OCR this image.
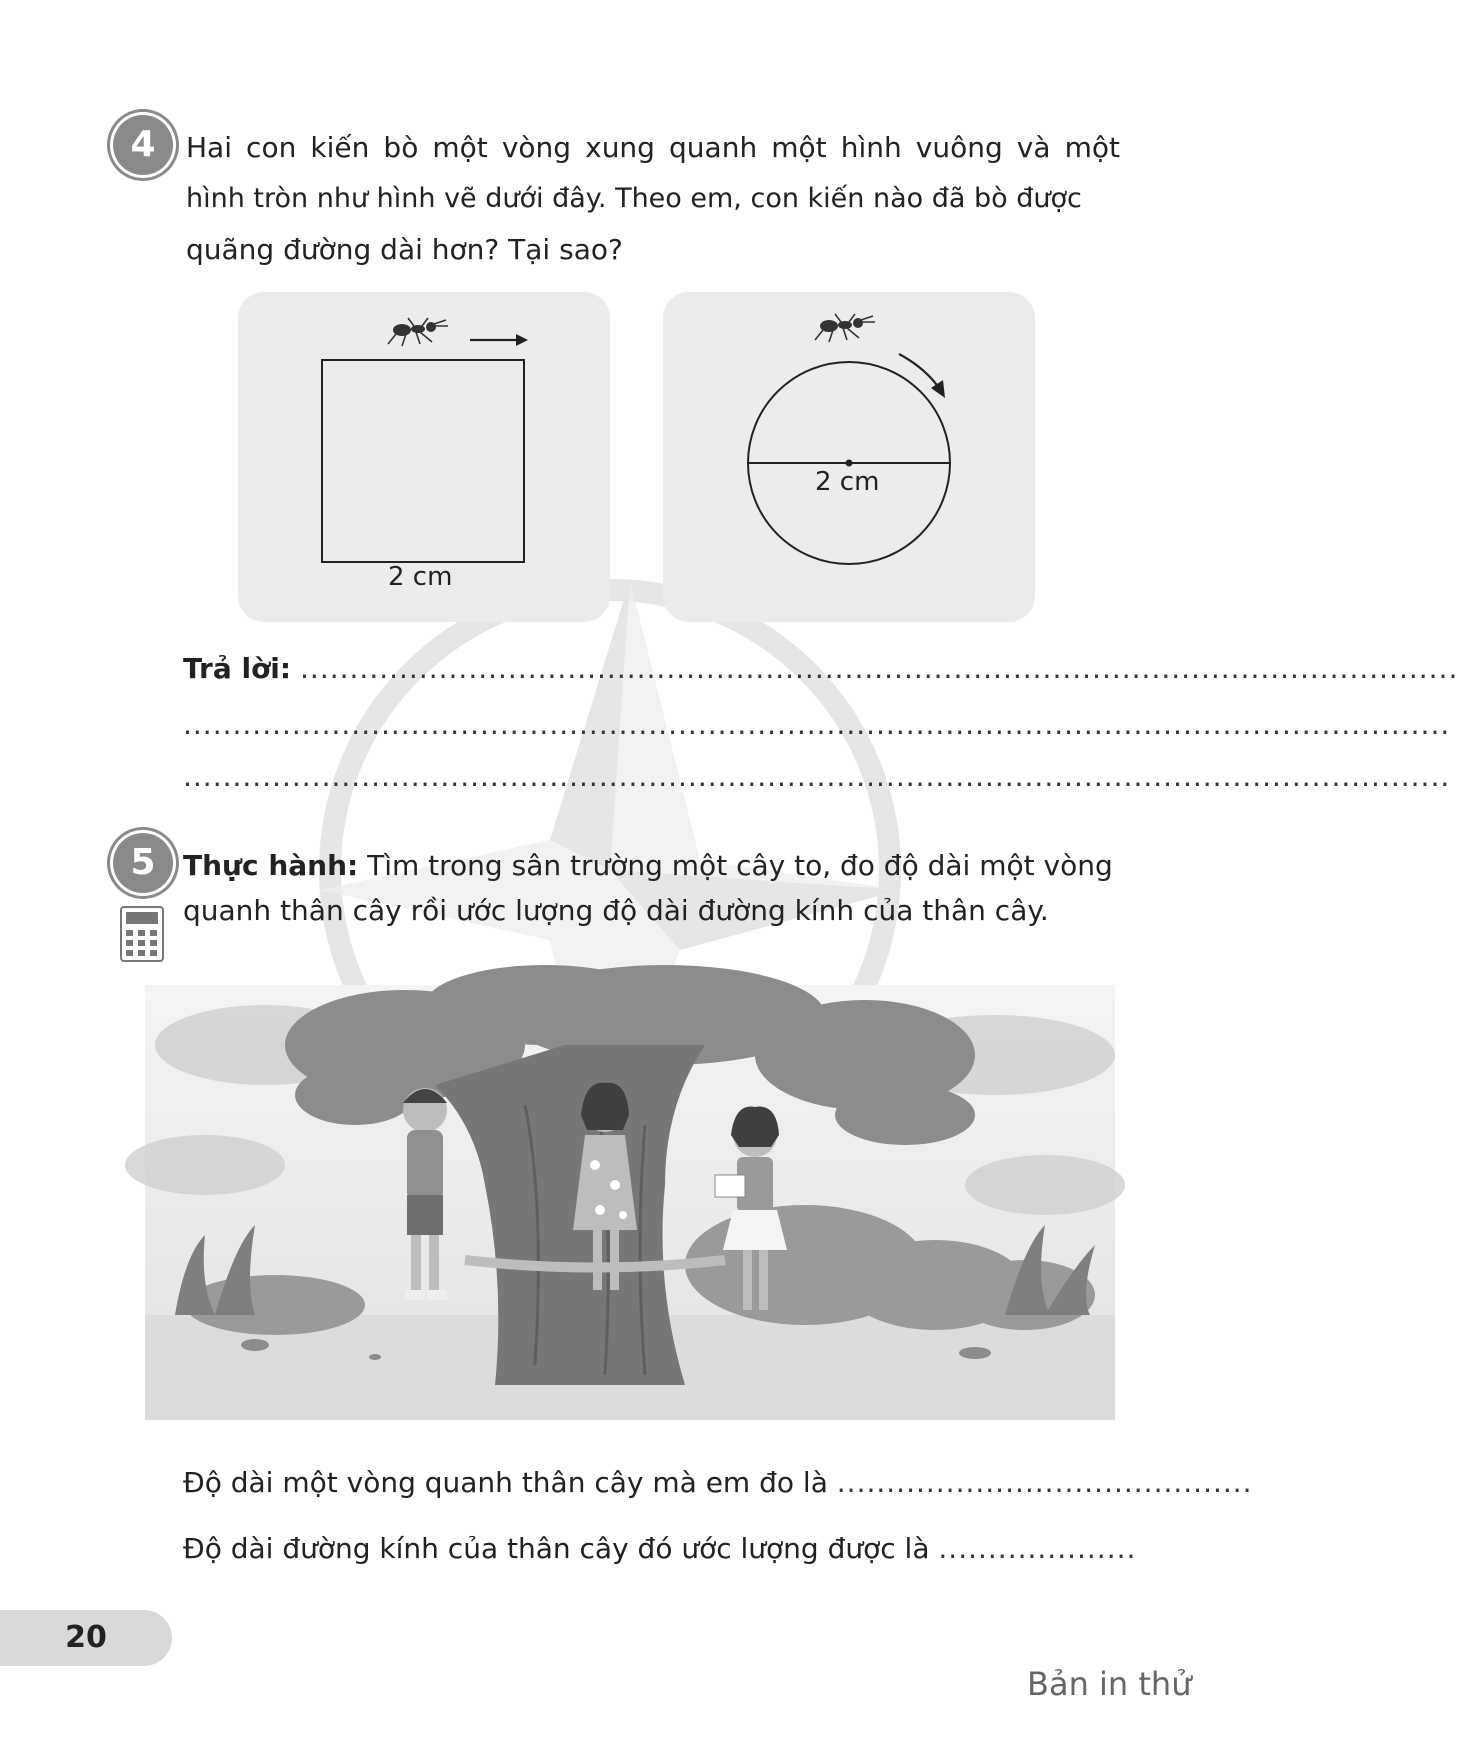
4	Hai con kiến bò một vòng xung quanh một hình vuông và một
hình tròn như hình vẽ dưới đây. Theo em, con kiến nào đã bò được
quãng đường dài hơn? Tại sao?
2 cm
2 cm
Trả lời: .....................................................................................................................
................................................................................................................................
................................................................................................................................
5 Thực hành: Tìm trong sân trường một cây to, đo độ dài một vòng
quanh thân cây rồi ước lượng độ dài đường kính của thân cây.
Độ dài một vòng quanh thân cây mà em đo là ..........................................
Độ dài đường kính của thân cây đó ước lượng được là ....................
20
Bản in thử
